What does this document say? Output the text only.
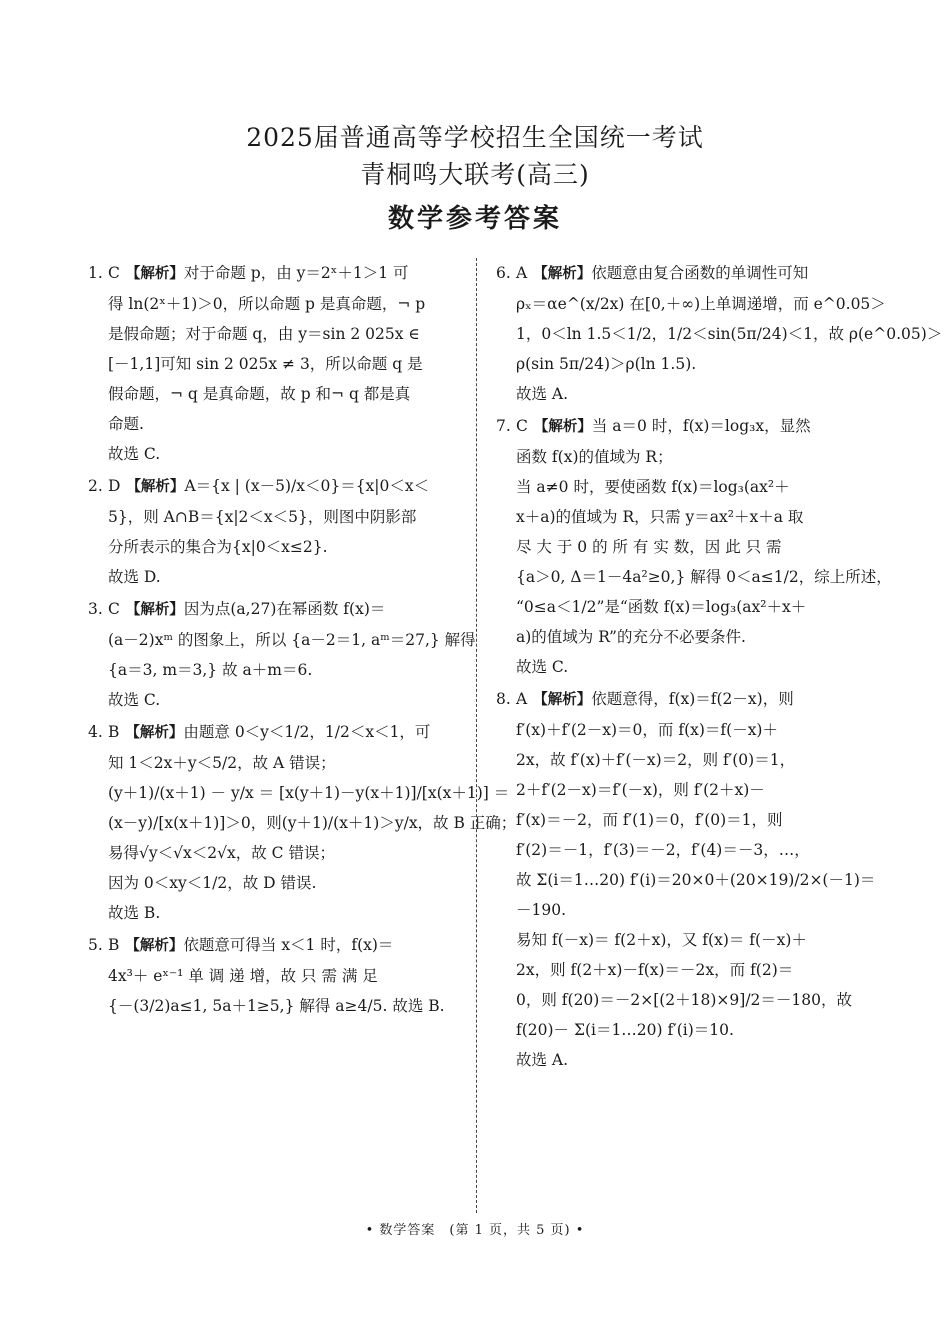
2025届普通高等学校招生全国统一考试
青桐鸣大联考(高三)
数学参考答案
1. C 【解析】对于命题 p，由 y＝2ˣ＋1＞1 可
得 ln(2ˣ＋1)＞0，所以命题 p 是真命题，¬ p
是假命题；对于命题 q，由 y＝sin 2 025x ∈
[－1,1]可知 sin 2 025x ≠ 3，所以命题 q 是
假命题，¬ q 是真命题，故 p 和¬ q 都是真
命题.
故选 C.
2. D 【解析】A＝{x | (x－5)/x＜0}＝{x|0＜x＜
5}，则 A∩B＝{x|2＜x＜5}，则图中阴影部
分所表示的集合为{x|0＜x≤2}.
故选 D.
3. C 【解析】因为点(a,27)在幂函数 f(x)＝
(a－2)xᵐ 的图象上，所以 {a－2＝1, aᵐ＝27,} 解得
{a＝3, m＝3,} 故 a＋m＝6.
故选 C.
4. B 【解析】由题意 0＜y＜1/2，1/2＜x＜1，可
知 1＜2x＋y＜5/2，故 A 错误；
(y＋1)/(x＋1) － y/x ＝ [x(y＋1)－y(x＋1)]/[x(x＋1)] ＝
(x－y)/[x(x＋1)]＞0，则(y＋1)/(x＋1)＞y/x，故 B 正确；
易得√y＜√x＜2√x，故 C 错误；
因为 0＜xy＜1/2，故 D 错误.
故选 B.
5. B 【解析】依题意可得当 x＜1 时，f(x)＝
4x³＋ eˣ⁻¹ 单 调 递 增，故 只 需 满 足
{－(3/2)a≤1, 5a＋1≥5,} 解得 a≥4/5. 故选 B.
6. A 【解析】依题意由复合函数的单调性可知
ρₓ＝αe^(x/2x) 在[0,＋∞)上单调递增，而 e^0.05＞
1，0＜ln 1.5＜1/2，1/2＜sin(5π/24)＜1，故 ρ(e^0.05)＞
ρ(sin 5π/24)＞ρ(ln 1.5).
故选 A.
7. C 【解析】当 a＝0 时，f(x)＝log₃x，显然
函数 f(x)的值域为 R；
当 a≠0 时，要使函数 f(x)＝log₃(ax²＋
x＋a)的值域为 R，只需 y＝ax²＋x＋a 取
尽 大 于 0 的 所 有 实 数，因 此 只 需
{a＞0, Δ＝1－4a²≥0,} 解得 0＜a≤1/2，综上所述，
“0≤a＜1/2”是“函数 f(x)＝log₃(ax²＋x＋
a)的值域为 R”的充分不必要条件.
故选 C.
8. A 【解析】依题意得，f(x)＝f(2－x)，则
f′(x)＋f′(2－x)＝0，而 f(x)＝f(－x)＋
2x，故 f′(x)＋f′(－x)＝2，则 f′(0)＝1，
2＋f′(2－x)＝f′(－x)，则 f′(2＋x)－
f′(x)＝－2，而 f′(1)＝0，f′(0)＝1，则
f′(2)＝－1，f′(3)＝－2，f′(4)＝－3，…，
故 Σ(i＝1…20) f′(i)＝20×0＋(20×19)/2×(－1)＝
－190.
易知 f(－x)＝ f(2＋x)，又 f(x)＝ f(－x)＋
2x，则 f(2＋x)－f(x)＝－2x，而 f(2)＝
0，则 f(20)＝－2×[(2＋18)×9]/2＝－180，故
f(20)－ Σ(i＝1…20) f′(i)＝10.
故选 A.
• 数学答案　(第 1 页，共 5 页) •
